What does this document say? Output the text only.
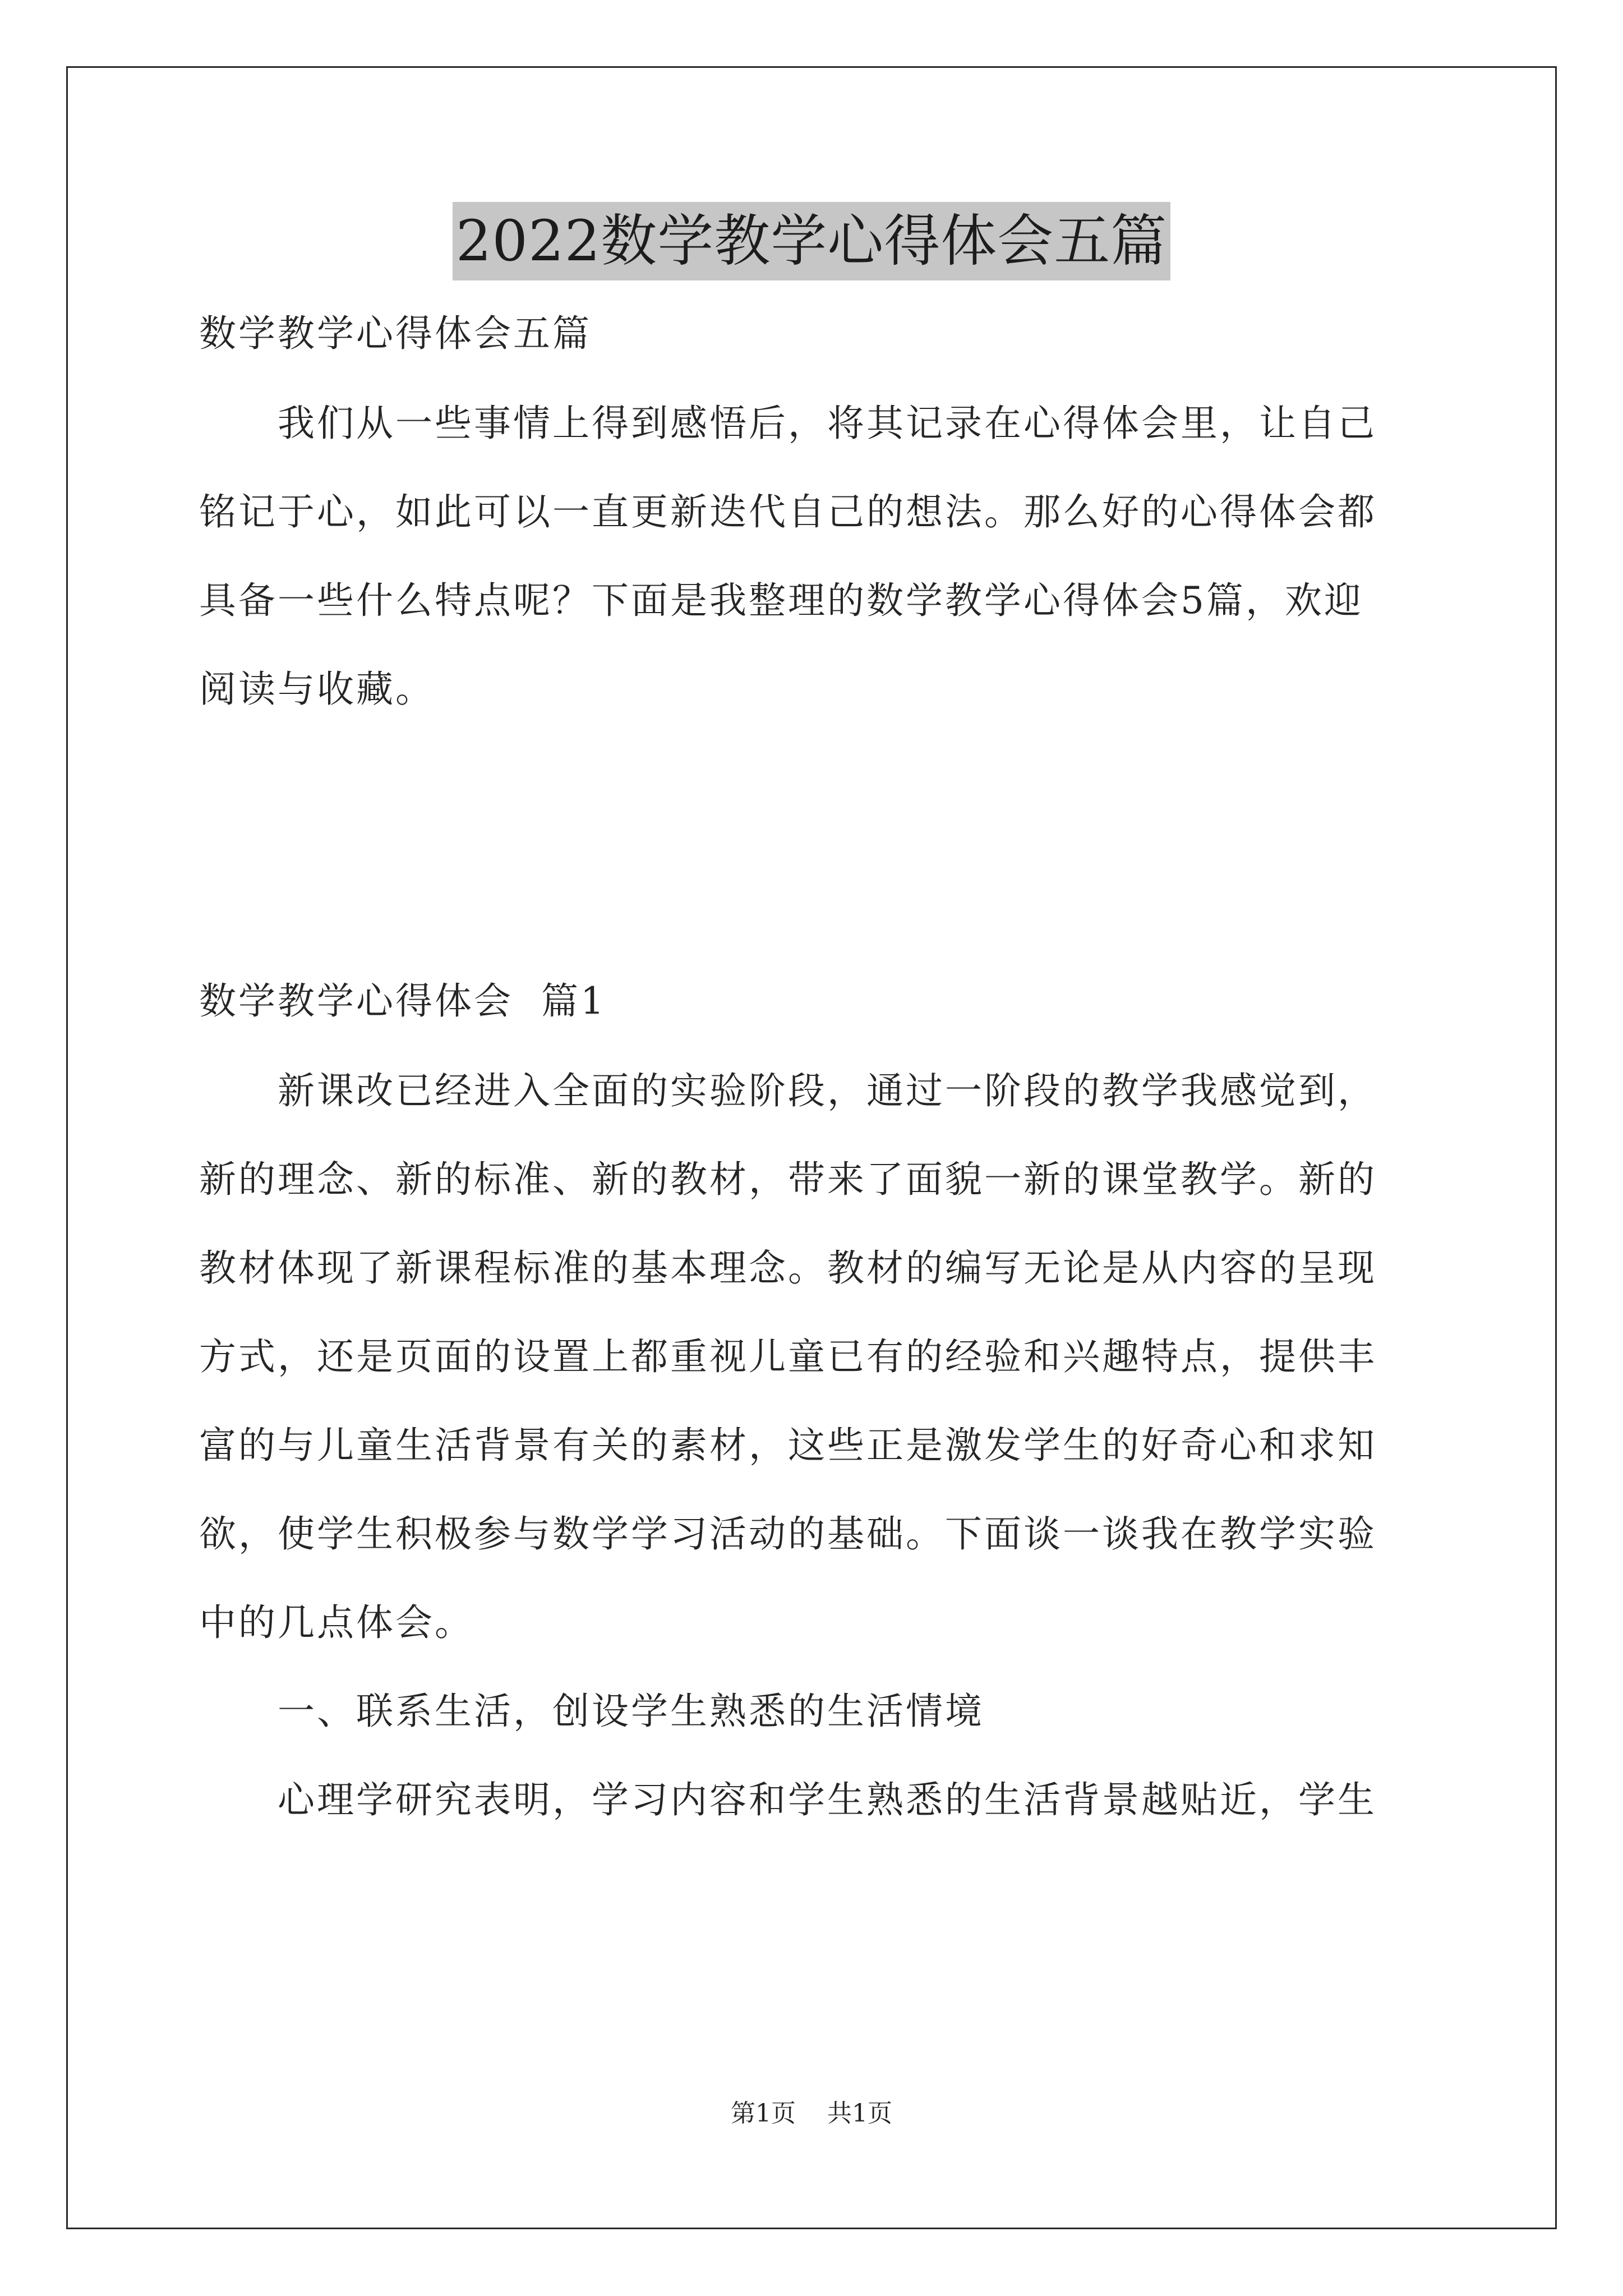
2022数学教学心得体会五篇

数学教学心得体会五篇

我们从一些事情上得到感悟后，将其记录在心得体会里，让自己

铭记于心，如此可以一直更新迭代自己的想法。那么好的心得体会都

具备一些什么特点呢？下面是我整理的数学教学心得体会5篇，欢迎

阅读与收藏。

数学教学心得体会  篇1

新课改已经进入全面的实验阶段，通过一阶段的教学我感觉到，

新的理念、新的标准、新的教材，带来了面貌一新的课堂教学。新的

教材体现了新课程标准的基本理念。教材的编写无论是从内容的呈现

方式，还是页面的设置上都重视儿童已有的经验和兴趣特点，提供丰

富的与儿童生活背景有关的素材，这些正是激发学生的好奇心和求知

欲，使学生积极参与数学学习活动的基础。下面谈一谈我在教学实验

中的几点体会。

一、联系生活，创设学生熟悉的生活情境

心理学研究表明，学习内容和学生熟悉的生活背景越贴近，学生

第1页 共1页
